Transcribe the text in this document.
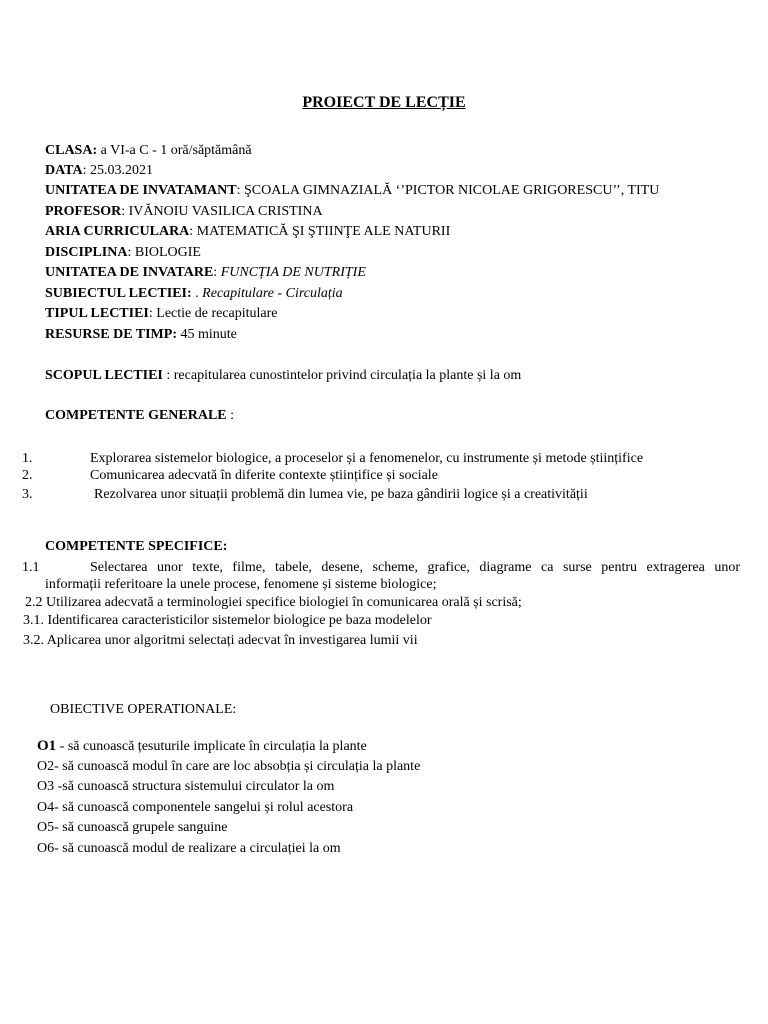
PROIECT DE LECȚIE
CLASA: a VI-a C - 1 oră/săptămână
DATA: 25.03.2021
UNITATEA DE INVATAMANT: ŞCOALA GIMNAZIALĂ ‘’PICTOR NICOLAE GRIGORESCU’’, TITU
PROFESOR: IVĂNOIU VASILICA CRISTINA
ARIA CURRICULARA: MATEMATICĂ ŞI ŞTIINŢE ALE NATURII
DISCIPLINA: BIOLOGIE
UNITATEA DE INVATARE: FUNCȚIA DE NUTRIȚIE
SUBIECTUL LECTIEI: . Recapitulare - Circulația
TIPUL LECTIEI: Lectie de recapitulare
RESURSE DE TIMP: 45 minute
SCOPUL LECTIEI : recapitularea cunostintelor privind circulația la plante și la om
COMPETENTE GENERALE :
1.	Explorarea sistemelor biologice, a proceselor și a fenomenelor, cu instrumente și metode științifice
2.	Comunicarea adecvată în diferite contexte științifice și sociale
3.	Rezolvarea unor situații problemă din lumea vie, pe baza gândirii logice și a creativității
COMPETENTE SPECIFICE:
1.1	Selectarea unor texte, filme, tabele, desene, scheme, grafice, diagrame ca surse pentru extragerea unor
informații referitoare la unele procese, fenomene și sisteme biologice;
2.2 Utilizarea adecvată a terminologiei specifice biologiei în comunicarea orală și scrisă;
3.1. Identificarea caracteristicilor sistemelor biologice pe baza modelelor
3.2. Aplicarea unor algoritmi selectați adecvat în investigarea lumii vii
OBIECTIVE OPERATIONALE:
O1 - să cunoască țesuturile implicate în circulația la plante
O2- să cunoască modul în care are loc absobția și circulația la plante
O3 -să cunoască structura sistemului circulator la om
O4- să cunoască componentele sangelui și rolul acestora
O5- să cunoască grupele sanguine
O6- să cunoască modul de realizare a circulației la om
